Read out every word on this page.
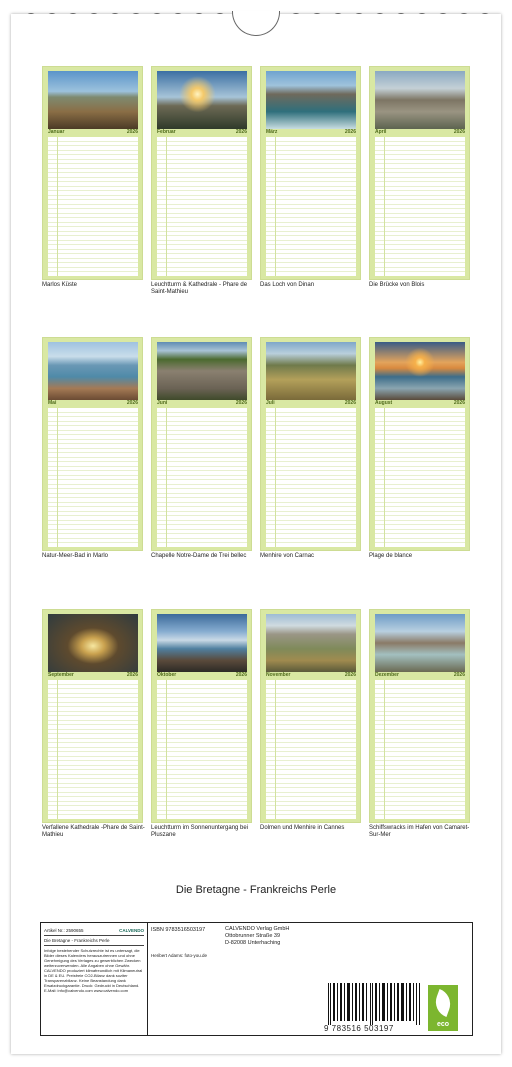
Januar	2026
Marlos Küste
Februar	2026
Leuchtturm & Kathedrale - Phare de Saint-Mathieu
März	2026
Das Loch von Dinan
April	2026
Die Brücke von Blois
Mai	2026
Natur-Meer-Bad in Marlo
Juni	2026
Chapelle Notre-Dame de Trei bellec
Juli	2026
Menhire von Carnac
August	2026
Plage de blance
September	2026
Verfallene Kathedrale -Phare de Saint-Mathieu
Oktober	2026
Leuchtturm im Sonnenuntergang bei Pluszane
November	2026
Dolmen und Menhire in Cannes
Dezember	2026
Schiffswracks im Hafen von Camaret-Sur-Mer
Die Bretagne - Frankreichs Perle
Artikel Nr.: 2590655	CALVENDO
Die Bretagne - Frankreichs Perle
Infolge bestehender Schutzrechte ist es untersagt, die Bilder dieses Kalenders herauszutrennen und ohne Genehmigung des Verlages zu gewerblichen Zwecken weiterzuverwenden. Alle Angaben ohne Gewähr. CALVENDO produziert klimafreundlich mit Klimaneutral in DE & EU. Preisfreie CO2-Bilanz dank soziter Transparenzbilanz. Keine Beanstandung dank Ersatzdruckgarantie. Druck: Gedruckt in Deutschland. E-Mail: info@calvendo.com www.calvendo.com
ISBN 9783516503197
Heribert Adams: foto-you.de
CALVENDO Verlag GmbH
Ottobrunner Straße 39
D-82008 Unterhaching
9 783516 503197	eco
